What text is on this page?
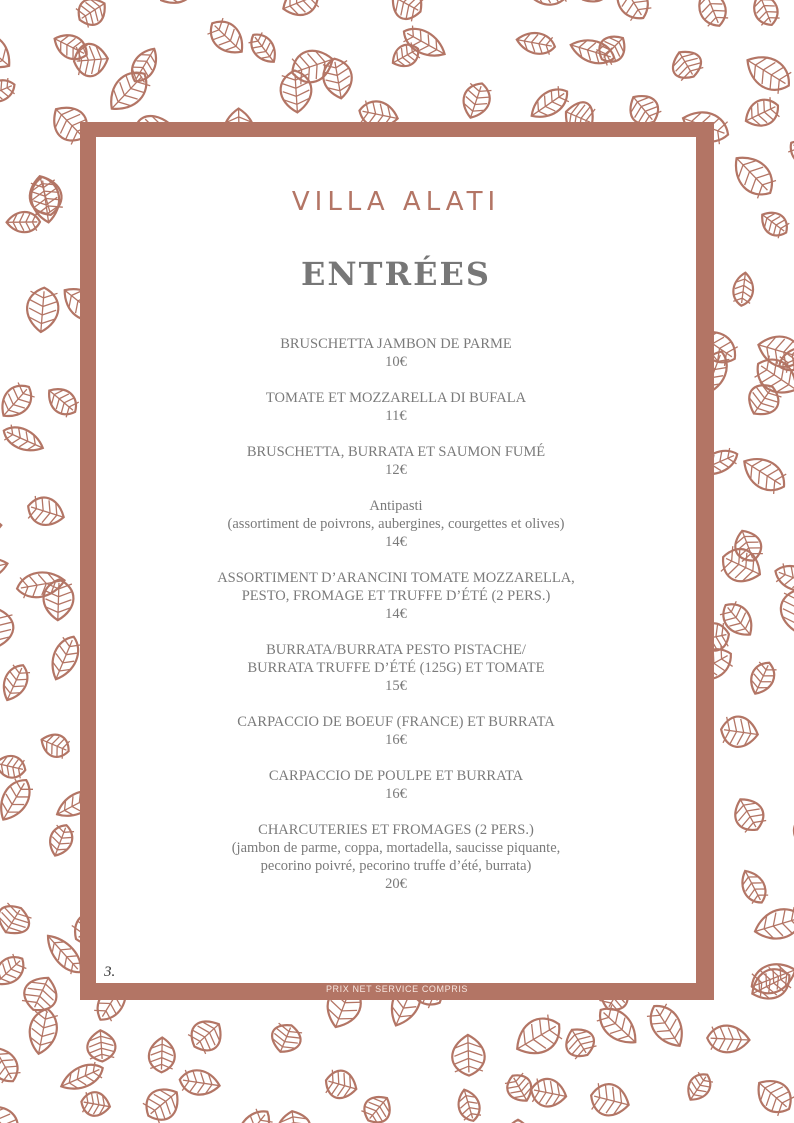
VILLA ALATI
ENTRÉES
BRUSCHETTA JAMBON DE PARME
10€
TOMATE ET MOZZARELLA DI BUFALA
11€
BRUSCHETTA, BURRATA ET SAUMON FUMÉ
12€
Antipasti
(assortiment de poivrons, aubergines, courgettes et olives)
14€
ASSORTIMENT D’ARANCINI TOMATE MOZZARELLA,
PESTO, FROMAGE ET TRUFFE D’ÉTÉ (2 PERS.)
14€
BURRATA/BURRATA PESTO PISTACHE/
BURRATA TRUFFE D’ÉTÉ (125G) ET TOMATE
15€
CARPACCIO DE BOEUF (FRANCE) ET BURRATA
16€
CARPACCIO DE POULPE ET BURRATA
16€
CHARCUTERIES ET FROMAGES (2 PERS.)
(jambon de parme, coppa, mortadella, saucisse piquante,
pecorino poivré, pecorino truffe d’été, burrata)
20€
3.
PRIX NET SERVICE COMPRIS
